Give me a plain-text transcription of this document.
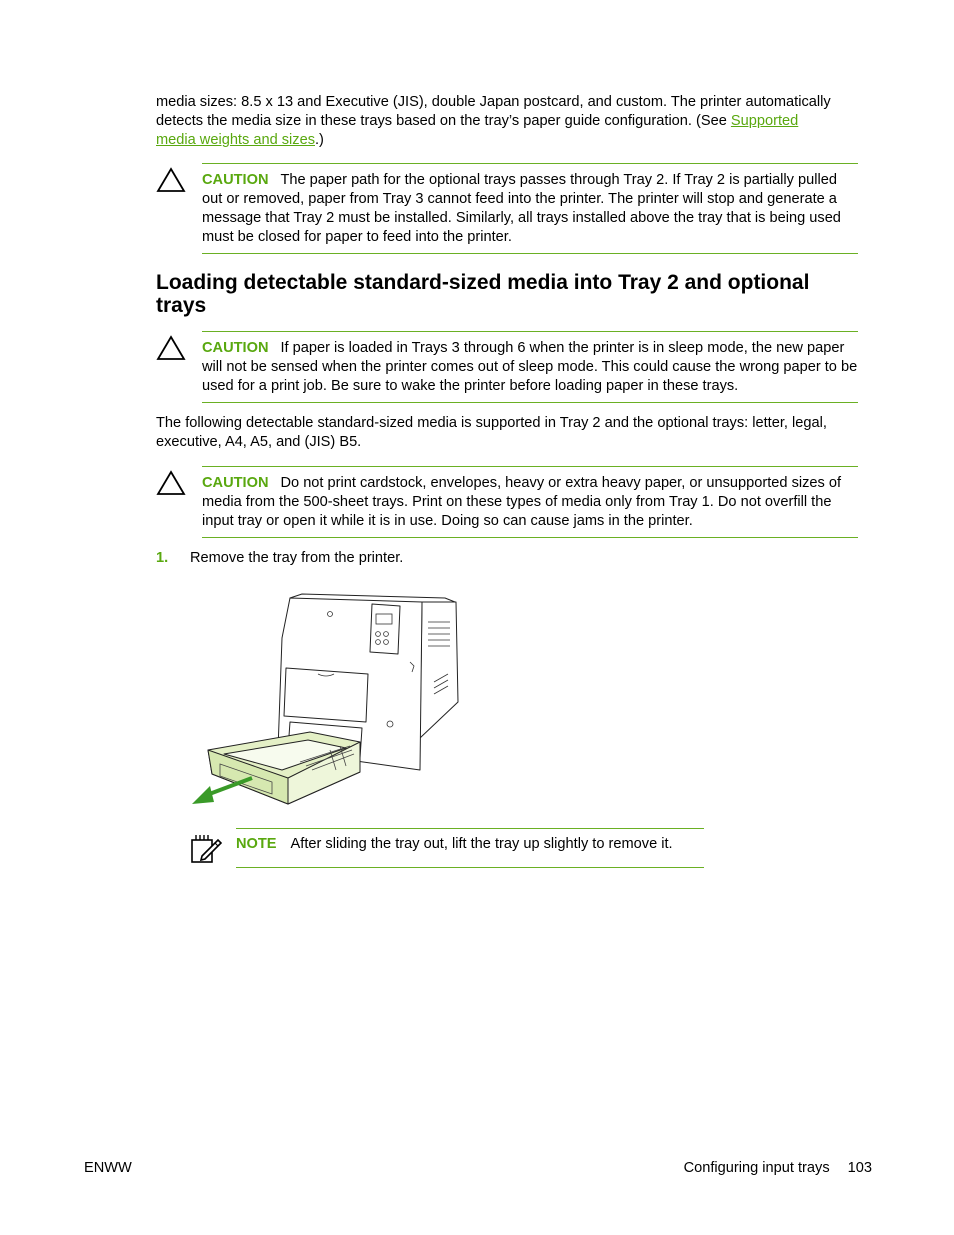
media sizes: 8.5 x 13 and Executive (JIS), double Japan postcard, and custom. The printer automatically
detects the media size in these trays based on the tray’s paper guide configuration. (See Supported
media weights and sizes.)

CAUTION The paper path for the optional trays passes through Tray 2. If Tray 2 is partially pulled out or removed, paper from Tray 3 cannot feed into the printer. The printer will stop and generate a message that Tray 2 must be installed. Similarly, all trays installed above the tray that is being used must be closed for paper to feed into the printer.
Loading detectable standard-sized media into Tray 2 and optional trays
CAUTION If paper is loaded in Trays 3 through 6 when the printer is in sleep mode, the new paper will not be sensed when the printer comes out of sleep mode. This could cause the wrong paper to be used for a print job. Be sure to wake the printer before loading paper in these trays.

The following detectable standard-sized media is supported in Tray 2 and the optional trays: letter, legal, executive, A4, A5, and (JIS) B5.

CAUTION Do not print cardstock, envelopes, heavy or extra heavy paper, or unsupported sizes of media from the 500-sheet trays. Print on these types of media only from Tray 1. Do not overfill the input tray or open it while it is in use. Doing so can cause jams in the printer.
1. Remove the tray from the printer.
NOTE After sliding the tray out, lift the tray up slightly to remove it.
ENWW	Configuring input trays 103
